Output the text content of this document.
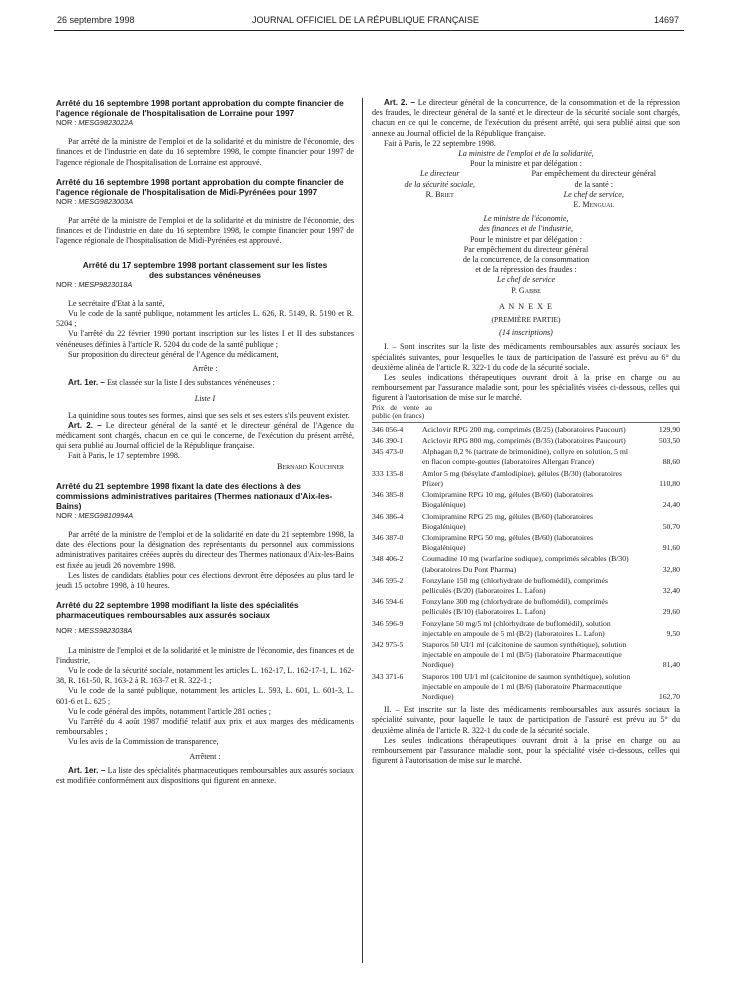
26 septembre 1998	JOURNAL OFFICIEL DE LA RÉPUBLIQUE FRANÇAISE	14697

Arrêté du 16 septembre 1998 portant approbation du compte financier de l'agence régionale de l'hospitalisation de Lorraine pour 1997

NOR : MESG9823022A

Par arrêté de la ministre de l'emploi et de la solidarité et du ministre de l'économie, des finances et de l'industrie en date du 16 septembre 1998, le compte financier pour 1997 de l'agence régionale de l'hospitalisation de Lorraine est approuvé.

Arrêté du 16 septembre 1998 portant approbation du compte financier de l'agence régionale de l'hospitalisation de Midi-Pyrénées pour 1997

NOR : MESG9823003A

Par arrêté de la ministre de l'emploi et de la solidarité et du ministre de l'économie, des finances et de l'industrie en date du 16 septembre 1998, le compte financier pour 1997 de l'agence régionale de l'hospitalisation de Midi-Pyrénées est approuvé.

Arrêté du 17 septembre 1998 portant classement sur les listes des substances vénéneuses

NOR : MESP9823018A

Le secrétaire d'Etat à la santé,

Vu le code de la santé publique, notamment les articles L. 626, R. 5149, R. 5190 et R. 5204 ;

Vu l'arrêté du 22 février 1990 portant inscription sur les listes I et II des substances vénéneuses définies à l'article R. 5204 du code de la santé publique ;

Sur proposition du directeur général de l'Agence du médicament,

Arrête :

Art. 1er. – Est classée sur la liste I des substances vénéneuses :

Liste I

La quinidine sous toutes ses formes, ainsi que ses sels et ses esters s'ils peuvent exister.

Art. 2. – Le directeur général de la santé et le directeur général de l'Agence du médicament sont chargés, chacun en ce qui le concerne, de l'exécution du présent arrêté, qui sera publié au Journal officiel de la République française.

Fait à Paris, le 17 septembre 1998.

Bernard Kouchner

Arrêté du 21 septembre 1998 fixant la date des élections à des commissions administratives paritaires (Thermes nationaux d'Aix-les-Bains)

NOR : MESG9810994A

Par arrêté de la ministre de l'emploi et de la solidarité en date du 21 septembre 1998, la date des élections pour la désignation des représentants du personnel aux commissions administratives paritaires créées auprès du directeur des Thermes nationaux d'Aix-les-Bains est fixée au jeudi 26 novembre 1998.

Les listes de candidats établies pour ces élections devront être déposées au plus tard le jeudi 15 octobre 1998, à 10 heures.

Arrêté du 22 septembre 1998 modifiant la liste des spécialités pharmaceutiques remboursables aux assurés sociaux

NOR : MESS9823038A

La ministre de l'emploi et de la solidarité et le ministre de l'économie, des finances et de l'industrie,

Vu le code de la sécurité sociale, notamment les articles L. 162-17, L. 162-17-1, L. 162-38, R. 161-50, R. 163-2 à R. 163-7 et R. 322-1 ;

Vu le code de la santé publique, notamment les articles L. 593, L. 601, L. 601-3, L. 601-6 et L. 625 ;

Vu le code général des impôts, notamment l'article 281 octies ;

Vu l'arrêté du 4 août 1987 modifié relatif aux prix et aux marges des médicaments remboursables ;

Vu les avis de la Commission de transparence,

Arrêtent :

Art. 1er. – La liste des spécialités pharmaceutiques remboursables aux assurés sociaux est modifiée conformément aux dispositions qui figurent en annexe.

Art. 2. – Le directeur général de la concurrence, de la consommation et de la répression des fraudes, le directeur général de la santé et le directeur de la sécurité sociale sont chargés, chacun en ce qui le concerne, de l'exécution du présent arrêté, qui sera publié ainsi que son annexe au Journal officiel de la République française.

Fait à Paris, le 22 septembre 1998.

La ministre de l'emploi et de la solidarité,

Pour la ministre et par délégation :

Le directeur
de la sécurité sociale,
R. Briet
Par empêchement du directeur général
de la santé :
Le chef de service,
E. Mengual

Le ministre de l'économie,

des finances et de l'industrie,

Pour le ministre et par délégation :

Par empêchement du directeur général

de la concurrence, de la consommation

et de la répression des fraudes :

Le chef de service

P. Gabbe

A N N E X E

(PREMIÈRE PARTIE)

(14 inscriptions)

I. – Sont inscrites sur la liste des médicaments remboursables aux assurés sociaux les spécialités suivantes, pour lesquelles le taux de participation de l'assuré est prévu au 6° du deuxième alinéa de l'article R. 322-1 du code de la sécurité sociale.

Les seules indications thérapeutiques ouvrant droit à la prise en charge ou au remboursement par l'assurance maladie sont, pour les spécialités visées ci-dessous, celles qui figurent à l'autorisation de mise sur le marché.

Prix de vente au public (en francs)

346 056-4	Aciclovir RPG 200 mg, comprimés (B/25) (laboratoires Paucourt)	129,90
346 390-1	Aciclovir RPG 800 mg, comprimés (B/35) (laboratoires Paucourt)	503,50
345 473-0	Alphagan 0,2 % (tartrate de brimonidine), collyre en solution, 5 ml en flacon compte-gouttes (laboratoires Allergan France)	88,60
333 135-8	Amlor 5 mg (bésylate d'amlodipine), gélules (B/30) (laboratoires Pfizer)	110,80
346 385-8	Clomipramine RPG 10 mg, gélules (B/60) (laboratoires Biogalénique)	24,40
346 386-4	Clomipramine RPG 25 mg, gélules (B/60) (laboratoires Biogalénique)	50,70
346 387-0	Clomipramine RPG 50 mg, gélules (B/60) (laboratoires Biogalénique)	91,60
348 406-2	Coumadine 10 mg (warfarine sodique), comprimés sécables (B/30) (laboratoires Du Pont Pharma)	32,80
346 595-2	Fonzylane 150 mg (chlorhydrate de buflomédil), comprimés pelliculés (B/20) (laboratoires L. Lafon)	32,40
346 594-6	Fonzylane 300 mg (chlorhydrate de buflomédil), comprimés pelliculés (B/10) (laboratoires L. Lafon)	29,60
346 596-9	Fonzylane 50 mg/5 ml (chlorhydrate de buflomédil), solution injectable en ampoule de 5 ml (B/2) (laboratoires L. Lafon)	9,50
342 975-5	Staporos 50 UI/1 ml (calcitonine de saumon synthétique), solution injectable en ampoule de 1 ml (B/5) (laboratoire Pharmaceutique Nordique)	81,40
343 371-6	Staporos 100 UI/1 ml (calcitonine de saumon synthétique), solution injectable en ampoule de 1 ml (B/6) (laboratoire Pharmaceutique Nordique)	162,70

II. – Est inscrite sur la liste des médicaments remboursables aux assurés sociaux la spécialité suivante, pour laquelle le taux de participation de l'assuré est prévu au 5° du deuxième alinéa de l'article R. 322-1 du code de la sécurité sociale.

Les seules indications thérapeutiques ouvrant droit à la prise en charge ou au remboursement par l'assurance maladie sont, pour la spécialité visée ci-dessous, celles qui figurent à l'autorisation de mise sur le marché.
